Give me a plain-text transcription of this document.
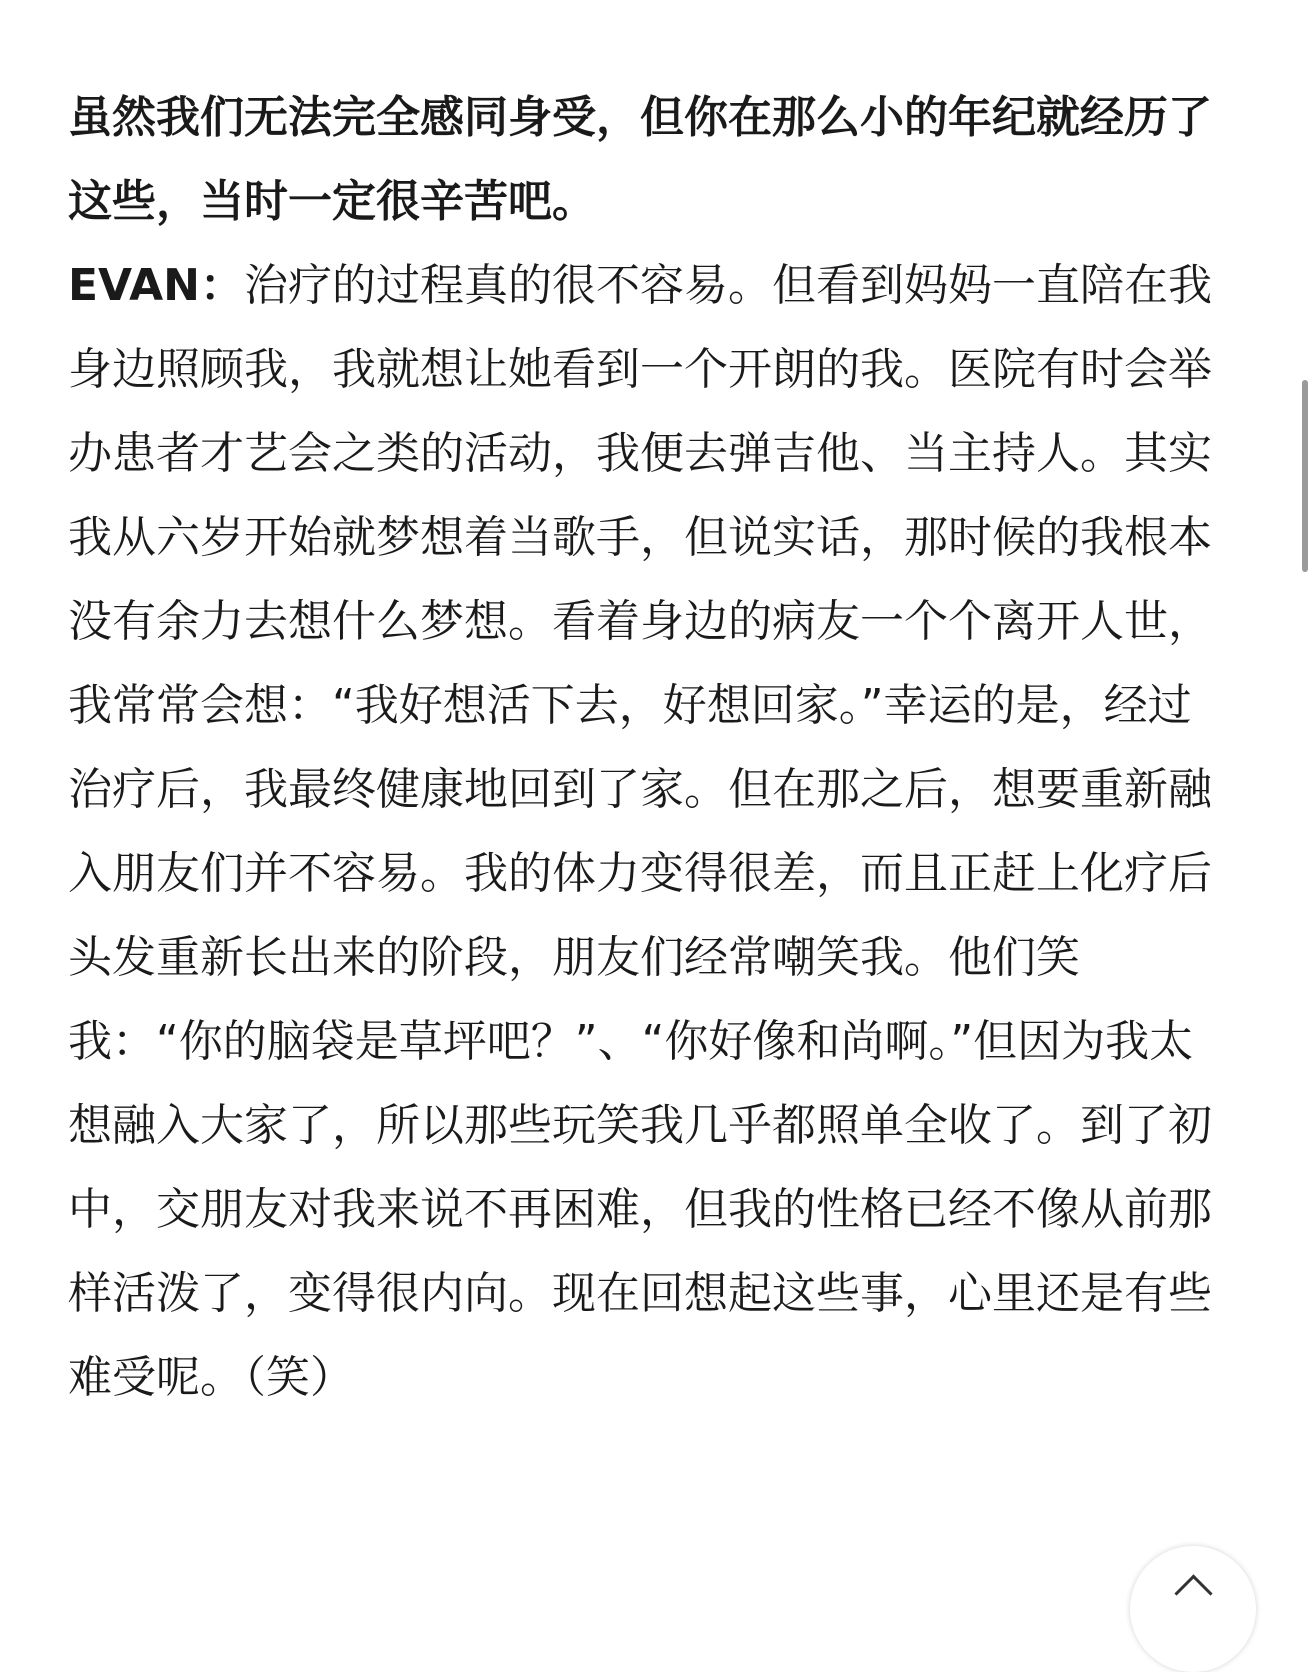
虽然我们无法完全感同身受，但你在那么小的年纪就经历了这些，当时一定很辛苦吧。

EVAN：治疗的过程真的很不容易。但看到妈妈一直陪在我身边照顾我，我就想让她看到一个开朗的我。医院有时会举办患者才艺会之类的活动，我便去弹吉他、当主持人。其实我从六岁开始就梦想着当歌手，但说实话，那时候的我根本没有余力去想什么梦想。看着身边的病友一个个离开人世，我常常会想：“我好想活下去，好想回家。”幸运的是，经过治疗后，我最终健康地回到了家。但在那之后，想要重新融入朋友们并不容易。我的体力变得很差，而且正赶上化疗后头发重新长出来的阶段，朋友们经常嘲笑我。他们笑我：“你的脑袋是草坪吧？”、“你好像和尚啊。”但因为我太想融入大家了，所以那些玩笑我几乎都照单全收了。到了初中，交朋友对我来说不再困难，但我的性格已经不像从前那样活泼了，变得很内向。现在回想起这些事，心里还是有些难受呢。（笑）
